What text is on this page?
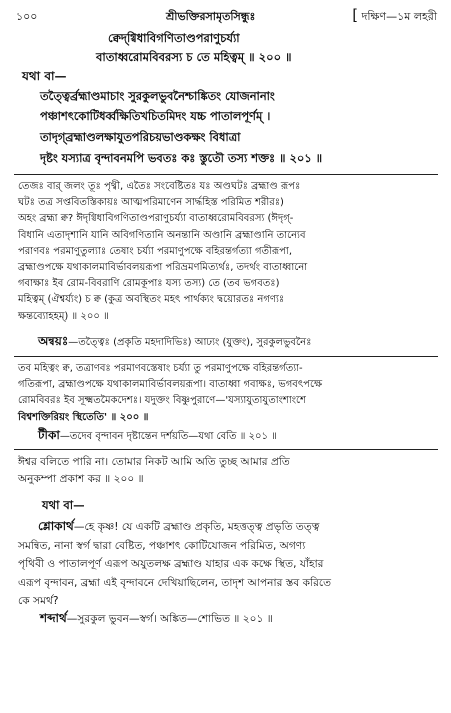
১০০	শ্রীভক্তিরসামৃতসিন্ধুঃ	[ দক্ষিণ—১ম লহরী
ক্বেদ্‌গ্বিধাবিগণিতাণ্ডপরাণুচর্য্যা
বাতাধ্বরোমবিবরস্য চ তে মহিত্বম্‌ ॥ ২০০ ॥
যথা বা—
তত্ত্বৈর্ব্রহ্মাণ্ডমাচাং সুরকুলভুবনৈশ্চাঙ্কিতং যোজনানাং
পঞ্চাশৎকোটিধর্ব্বক্ষিতিখচিতমিদং যচ্চ পাতালপূর্ণম্‌ ।
তাদৃগ্‌ব্রহ্মাণ্ডলক্ষাযুতপরিচয়ভাণ্ডকক্ষং বিধাত্রা
দৃষ্টং যস্যাত্র বৃন্দাবনমপি ভবতঃ কঃ স্তুতৌ তস্য শক্তঃ ॥ ২০১ ॥
তেজঃ বার্‌ জলং তূঃ পৃথ্বী, এতৈঃ সংবেষ্টিতঃ যঃ অণ্ডঘটঃ ব্রহ্মাণ্ড রূপঃ
ঘটঃ তত্র সপ্তবিতস্তিকায়ঃ আত্মপরিমাণেন সার্দ্ধহিস্ত পরিমিত শরীরঃ)
অহং ব্রহ্মা ক্ব? ঈদৃগ্বিধাবিগণিতাণ্ডপরাণুচর্য্যা বাতাধ্বরোমবিবরস্য (ঈদৃগ্‌-
বিধানি এতাদৃশানি যানি অবিগণিতানি অনন্তানি অণ্ডানি ব্রহ্মাণ্ডানি তান্যেব
পরাণবঃ পরমাণুতুল্যাঃ তেষাং চর্য্যা পরমাণুপক্ষে বহিরন্তর্গত্যা গতীরূপা,
ব্রহ্মাণ্ডপক্ষে যথাকালমাবির্ভাবলয়রূপা পরিভ্রমণমিত্যর্থঃ, তদর্থং বাতাধ্বানো
গবাক্ষাঃ ইব রোম-বিবরাণি রোমকূপাঃ যস্য তস্য) তে (তব ভগবতঃ)
মহিত্বম্‌ (ঐশ্বর্য্যং) চ ক্ব (কুত্র অবস্থিতং মহৎ পার্থক্যং দ্বয়োরতঃ নগণ্যঃ
ক্ষন্তব্যোহহম্‌) ॥ ২০০ ॥
অন্বয়ঃ—তত্ত্বৈঃ (প্রকৃতি মহদাদিভিঃ) আঢ্যং (যুক্তং), সুরকুলভুবনৈঃ
তব মহিত্বং ক্ব, তত্রাণবঃ পরমাণবস্তেষাং চর্য্যা তু পরমাণুপক্ষে বহিরন্তর্গত্যা-
গতিরূপা, ব্রহ্মাণ্ডপক্ষে যথাকালমাবির্ভাবলয়রূপা। বাতাধ্বা গবাক্ষঃ, ভগবৎপক্ষে
রোমবিবরঃ ইব সূক্ষ্মতমৈকদেশঃ। যদুক্তং বিষ্ণুপুরাণে—'যস্যাযুতাযুতাংশাংশে
বিশ্বশক্তিরিয়ং স্থিতেতি' ॥ ২০০ ॥
টীকা—তদেব বৃন্দাবন দৃষ্টান্তেন দর্শয়তি—যথা বেতি ॥ ২০১ ॥
ঈশ্বর বলিতে পারি না। তোমার নিকট আমি অতি তুচ্ছ আমার প্রতি
অনুকম্পা প্রকাশ কর ॥ ২০০ ॥
যথা বা—
শ্লোকার্থ—হে কৃষ্ণ! যে একটি ব্রহ্মাণ্ড প্রকৃতি, মহত্তত্ত্ব প্রভৃতি তত্ত্ব
সমন্বিত, নানা স্বর্গ দ্বারা বেষ্টিত, পঞ্চাশৎ কোটিযোজন পরিমিত, অগণ্য
পৃথিবী ও পাতালপূর্ণ এরূপ অযুতলক্ষ ব্রহ্মাণ্ড যাহার এক কক্ষে স্থিত, যাঁহার
এরূপ বৃন্দাবন, ব্রহ্মা এই বৃন্দাবনে দেখিয়াছিলেন, তাদৃশ আপনার স্তব করিতে
কে সমর্থ?
শব্দার্থ—সুরকুল ভুবন—স্বর্গ। অঙ্কিত—শোভিত ॥ ২০১ ॥
